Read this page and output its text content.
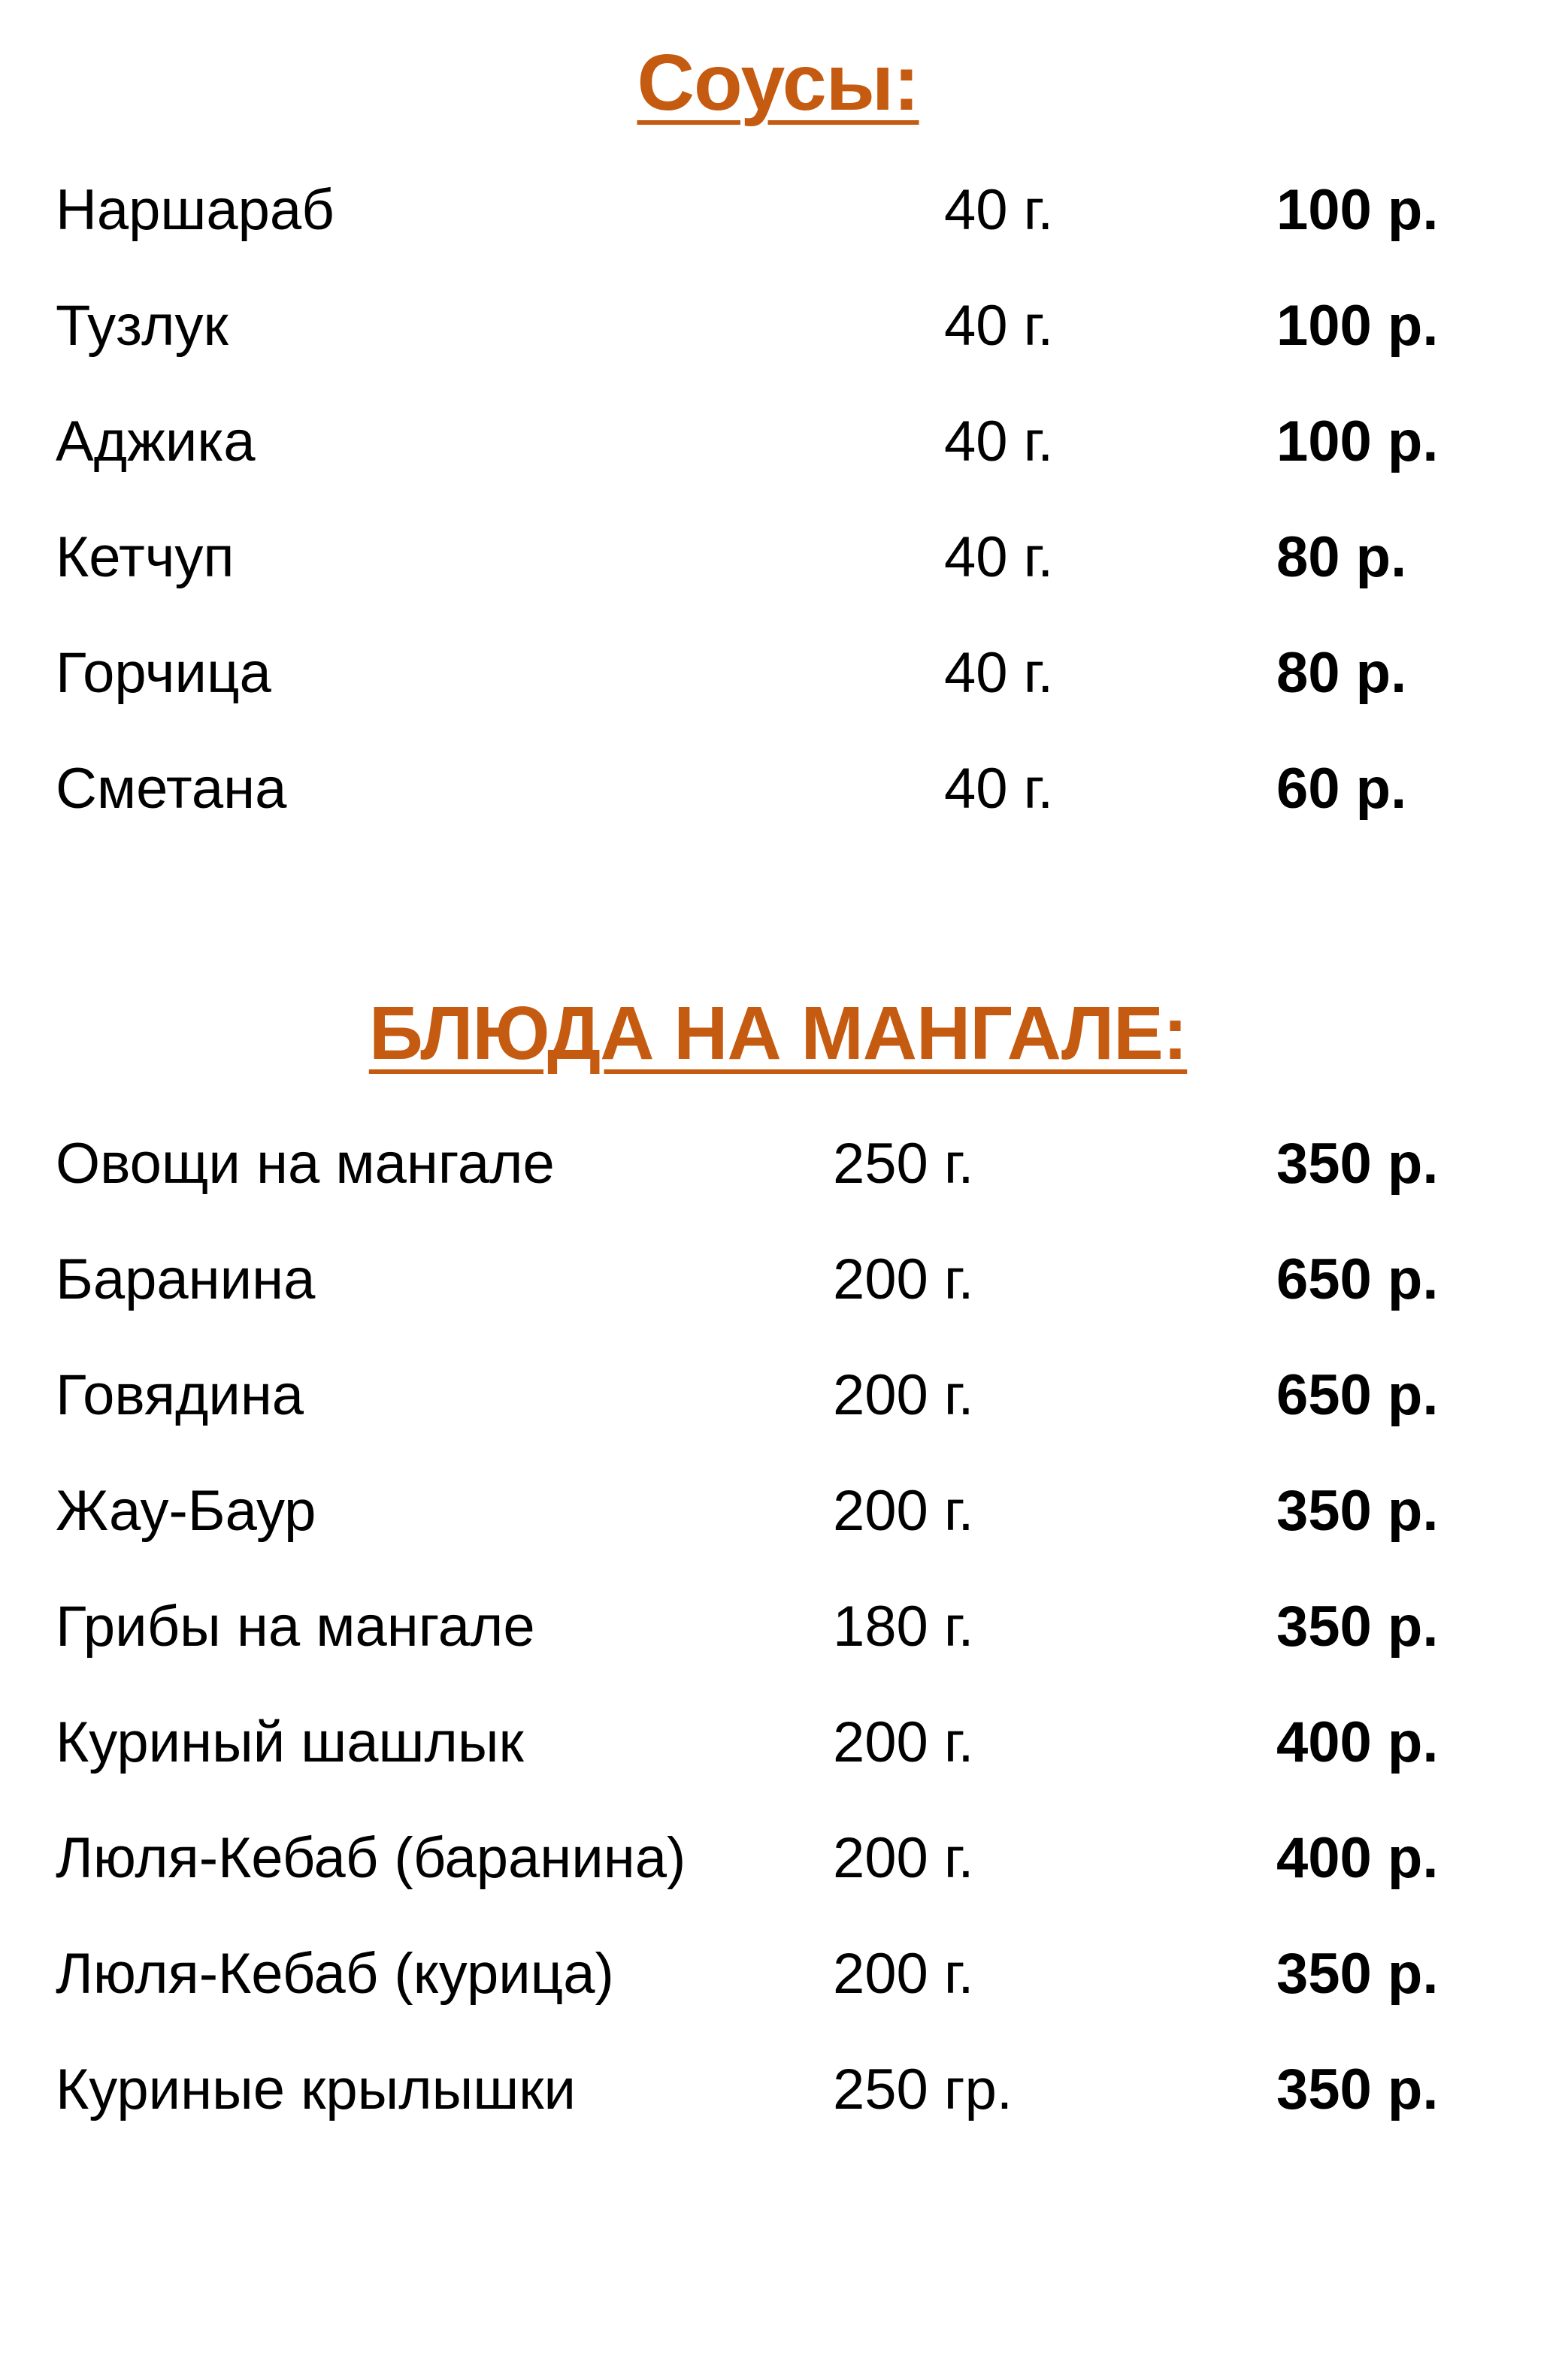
Соусы:
Наршараб	40 г.	100 р.
Тузлук	40 г.	100 р.
Аджика	40 г.	100 р.
Кетчуп	40 г.	80 р.
Горчица	40 г.	80 р.
Сметана	40 г.	60 р.
БЛЮДА НА МАНГАЛЕ:
Овощи на мангале	250 г.	350 р.
Баранина	200 г.	650 р.
Говядина	200 г.	650 р.
Жау-Баур	200 г.	350 р.
Грибы на мангале	180 г.	350 р.
Куриный шашлык	200 г.	400 р.
Люля-Кебаб (баранина)	200 г.	400 р.
Люля-Кебаб (курица)	200 г.	350 р.
Куриные крылышки	250 гр.	350 р.
